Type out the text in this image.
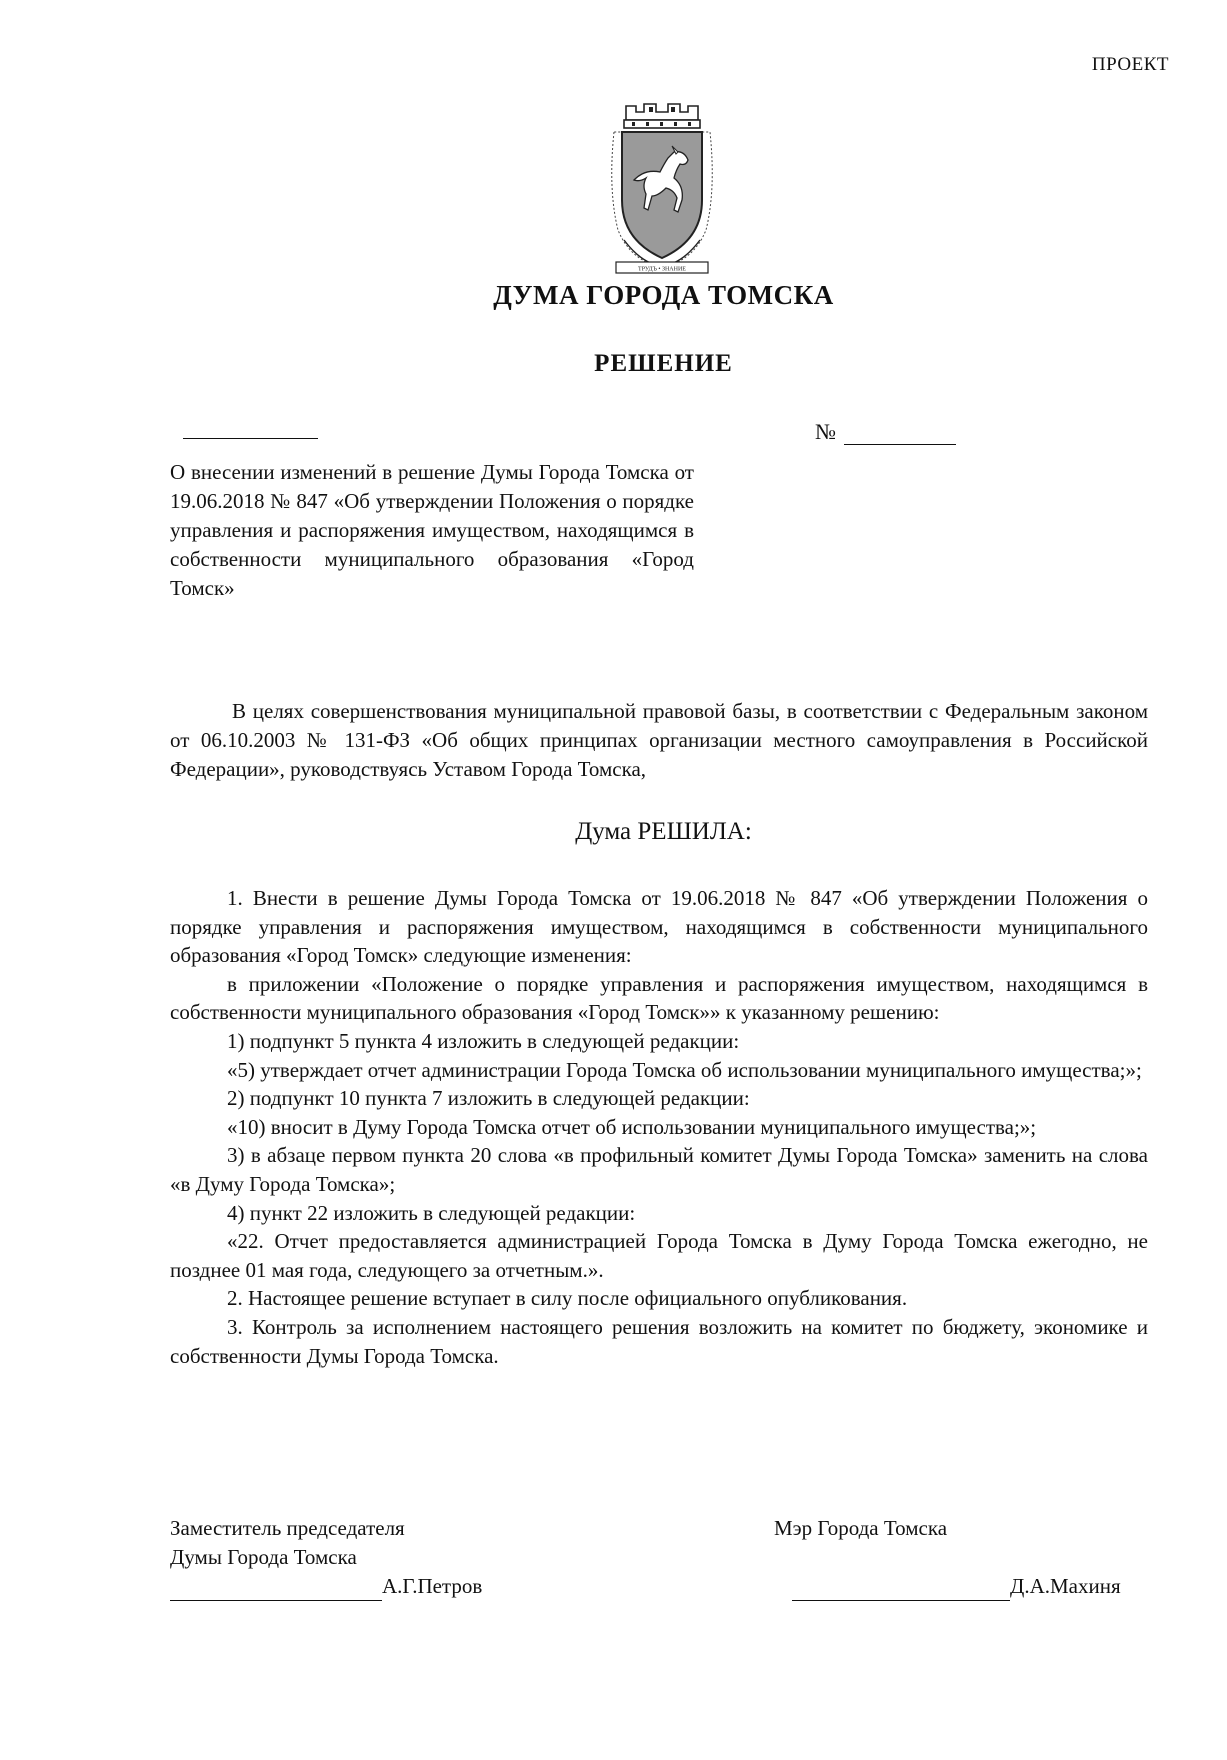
ПРОЕКТ
ТРУДЪ • ЗНАНИЕ
ДУМА ГОРОДА ТОМСКА
РЕШЕНИЕ
№
О внесении изменений в решение Думы Города Томска от 19.06.2018 № 847 «Об утверждении Положения о порядке управления и распоряжения имуществом, находящимся в собственности муниципального образования «Город Томск»
В целях совершенствования муниципальной правовой базы, в соответствии с Федеральным законом от 06.10.2003 № 131-ФЗ «Об общих принципах организации местного самоуправления в Российской Федерации», руководствуясь Уставом Города Томска,
Дума РЕШИЛА:

1. Внести в решение Думы Города Томска от 19.06.2018 № 847 «Об утверждении Положения о порядке управления и распоряжения имуществом, находящимся в собственности муниципального образования «Город Томск» следующие изменения:

в приложении «Положение о порядке управления и распоряжения имуществом, находящимся в собственности муниципального образования «Город Томск»» к указанному решению:

1) подпункт 5 пункта 4 изложить в следующей редакции:

«5) утверждает отчет администрации Города Томска об использовании муниципального имущества;»;

2) подпункт 10 пункта 7 изложить в следующей редакции:

«10) вносит в Думу Города Томска отчет об использовании муниципального имущества;»;

3) в абзаце первом пункта 20 слова «в профильный комитет Думы Города Томска» заменить на слова «в Думу Города Томска»;

4) пункт 22 изложить в следующей редакции:

«22. Отчет предоставляется администрацией Города Томска в Думу Города Томска ежегодно, не позднее 01 мая года, следующего за отчетным.».

2. Настоящее решение вступает в силу после официального опубликования.

3. Контроль за исполнением настоящего решения возложить на комитет по бюджету, экономике и собственности Думы Города Томска.

Заместитель председателя
Думы Города Томска
А.Г.Петров
Мэр Города Томска
Д.А.Махиня
